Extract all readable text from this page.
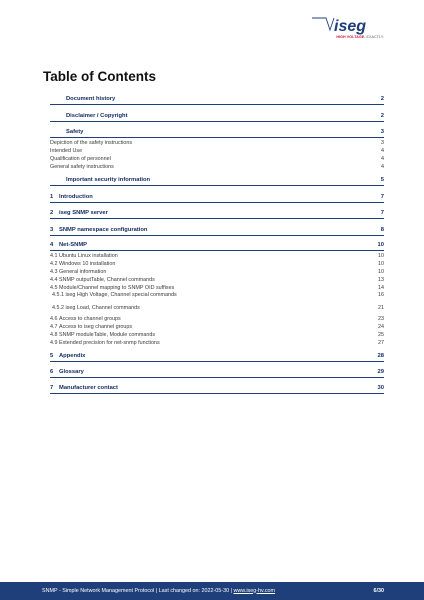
iseg
HIGH VOLTAGE. EXACTLY.
Table of Contents
Document history	2
Disclaimer / Copyright	2
Safety	3
Depiction of the safety instructions	3
Intended Use	4
Qualification of personnel	4
General safety instructions	4
Important security information	5
1 Introduction	7
2 iseg SNMP server	7
3 SNMP namespace configuration	8
4 Net-SNMP	10
4.1 Ubuntu Linux installation	10
4.2 Windows 10 installation	10
4.3 General information	10
4.4 SNMP outputTable, Channel commands	13
4.5 Module/Channel mapping to SNMP OID suffixes	14
4.5.1 iseg High Voltage, Channel special commands	16
4.5.2 iseg Load, Channel commands	21
4.6 Access to channel groups	23
4.7 Access to iseg channel groups	24
4.8 SNMP moduleTable, Module commands	25
4.9 Extended precision for net-snmp functions	27
5 Appendix	28
6 Glossary	29
7 Manufacturer contact	30
SNMP - Simple Network Management Protocol | Last changed on: 2022-05-30 | www.iseg-hv.com	6/30
